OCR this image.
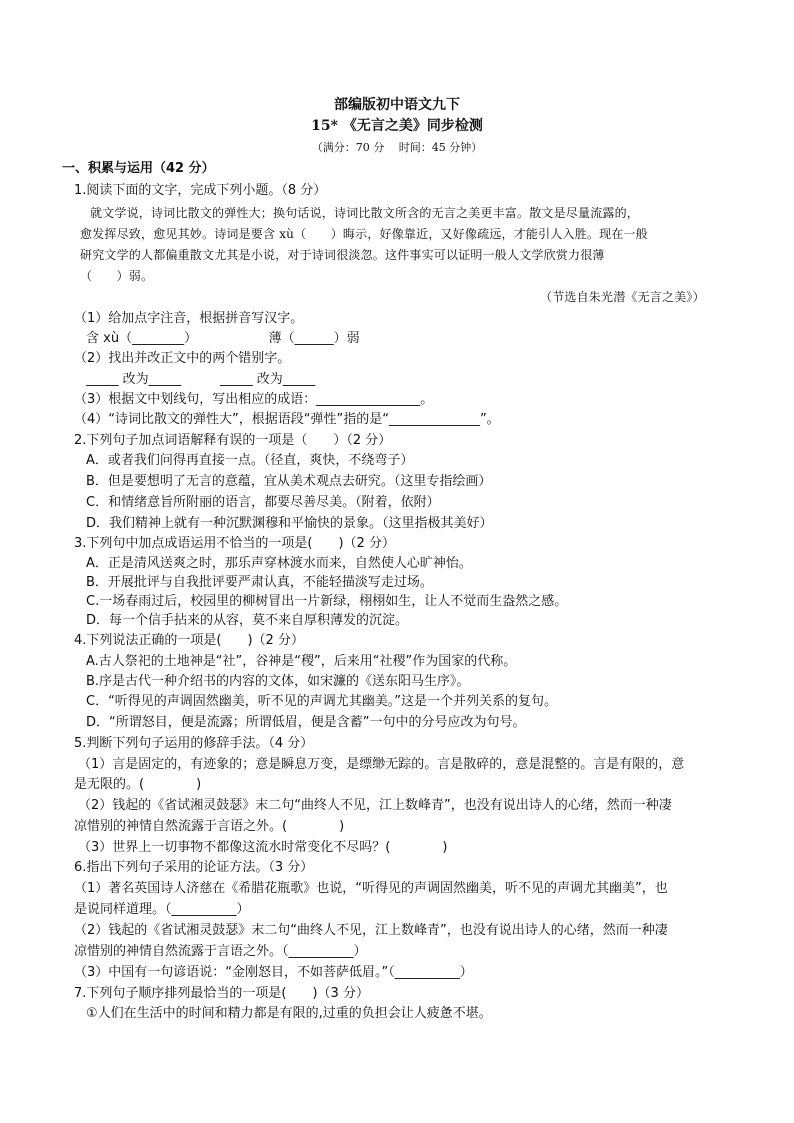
部编版初中语文九下
15* 《无言之美》同步检测
（满分：70 分　 时间：45 分钟）
一、积累与运用（42 分）
1.阅读下面的文字，完成下列小题。（8 分）
就文学说，诗词比散文的弹性大；换句话说，诗词比散文所含的无言之美更丰富。散文是尽量流露的，
愈发挥尽致，愈见其妙。诗词是要含 xù（　　）晦示，好像靠近，又好像疏远，才能引人入胜。现在一般
研究文学的人都偏重散文尤其是小说，对于诗词很淡忽。这件事实可以证明一般人文学欣赏力很薄
（　　）弱。
（节选自朱光潜《无言之美》）
（1）给加点字注音，根据拼音写汉字。
含 xù（________）　　　　　　薄（______）弱
（2）找出并改正文中的两个错别字。
_____ 改为_____　　　_____ 改为_____
（3）根据文中划线句，写出相应的成语：________________。
（4）“诗词比散文的弹性大”，根据语段“弹性”指的是“______________”。
2.下列句子加点词语解释有误的一项是（　　）（2 分）
A．或者我们问得再直接一点。（径直，爽快，不绕弯子）
B．但是要想明了无言的意蕴，宜从美术观点去研究。（这里专指绘画）
C．和情绪意旨所附丽的语言，都要尽善尽美。（附着，依附）
D．我们精神上就有一种沉默渊穆和平愉快的景象。（这里指极其美好）
3.下列句中加点成语运用不恰当的一项是(　　)（2 分）
A．正是清风送爽之时，那乐声穿林渡水而来，自然使人心旷神怡。
B．开展批评与自我批评要严肃认真，不能轻描淡写走过场。
C.一场春雨过后，校园里的柳树冒出一片新绿，栩栩如生，让人不觉而生盎然之感。
D．每一个信手拈来的从容，莫不来自厚积薄发的沉淀。
4.下列说法正确的一项是(　　)（2 分）
A.古人祭祀的土地神是“社”，谷神是“稷”，后来用“社稷”作为国家的代称。
B.序是古代一种介绍书的内容的文体，如宋濂的《送东阳马生序》。
C．“听得见的声调固然幽美，听不见的声调尤其幽美。”这是一个并列关系的复句。
D．“所谓怒目，便是流露；所谓低眉，便是含蓄”一句中的分号应改为句号。
5.判断下列句子运用的修辞手法。（4 分）
（1）言是固定的，有迹象的；意是瞬息万变，是缥缈无踪的。言是散碎的，意是混整的。言是有限的，意
是无限的。(　　　　)
（2）钱起的《省试湘灵鼓瑟》末二句“曲终人不见，江上数峰青”，也没有说出诗人的心绪，然而一种凄
凉惜别的神情自然流露于言语之外。(　　　　)
（3）世界上一切事物不都像这流水时常变化不尽吗？(　　　　)
6.指出下列句子采用的论证方法。（3 分）
（1）著名英国诗人济慈在《希腊花瓶歌》也说，“听得见的声调固然幽美，听不见的声调尤其幽美”，也
是说同样道理。（__________）
（2）钱起的《省试湘灵鼓瑟》末二句“曲终人不见，江上数峰青”，也没有说出诗人的心绪，然而一种凄
凉惜别的神情自然流露于言语之外。（__________）
（3）中国有一句谚语说：“金刚怒目，不如菩萨低眉。”（__________）
7.下列句子顺序排列最恰当的一项是(　　)（3 分）
①人们在生活中的时间和精力都是有限的,过重的负担会让人疲惫不堪。
